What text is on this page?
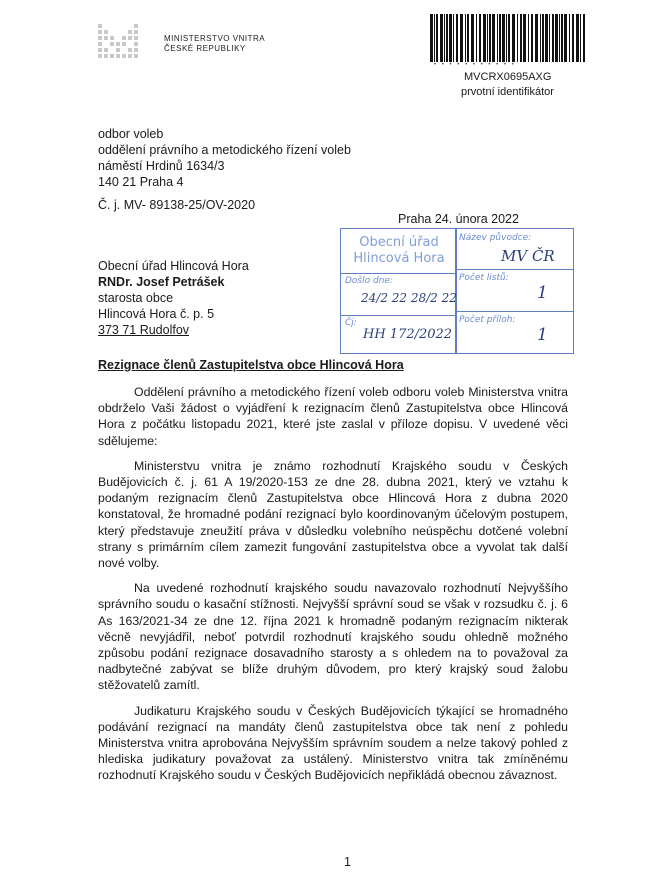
MINISTERSTVO VNITRA
ČESKÉ REPUBLIKY
• • • • • • • • • • •
MVCRX0695AXG
prvotní identifikátor
odbor voleb
oddělení právního a metodického řízení voleb
náměstí Hrdinů 1634/3
140 21 Praha 4
Č. j. MV- 89138-25/OV-2020
Praha 24. února 2022
Obecní úřad Hlincová Hora
RNDr. Josef Petrášek
starosta obce
Hlincová Hora č. p. 5
373 71 Rudolfov
Obecní úřad
Hlincová Hora
Došlo dne:
24/2 22 28/2 22
Čj:
HH 172/2022
Název původce:
MV ČR
Počet listů:
1
Počet příloh:
1
Rezignace členů Zastupitelstva obce Hlincová Hora

Oddělení právního a metodického řízení voleb odboru voleb Ministerstva vnitra obdrželo Vaši žádost o vyjádření k rezignacím členů Zastupitelstva obce Hlincová Hora z počátku listopadu 2021, které jste zaslal v příloze dopisu. V uvedené věci sdělujeme:

Ministerstvu vnitra je známo rozhodnutí Krajského soudu v Českých Budějovicích č. j. 61 A 19/2020-153 ze dne 28. dubna 2021, který ve vztahu k podaným rezignacím členů Zastupitelstva obce Hlincová Hora z dubna 2020 konstatoval, že hromadné podání rezignací bylo koordinovaným účelovým postupem, který představuje zneužití práva v důsledku volebního neúspěchu dotčené volební strany s primárním cílem zamezit fungování zastupitelstva obce a vyvolat tak další nové volby.

Na uvedené rozhodnutí krajského soudu navazovalo rozhodnutí Nejvyššího správního soudu o kasační stížnosti. Nejvyšší správní soud se však v rozsudku č. j. 6 As 163/2021-34 ze dne 12. října 2021 k hromadně podaným rezignacím nikterak věcně nevyjádřil, neboť potvrdil rozhodnutí krajského soudu ohledně možného způsobu podání rezignace dosavadního starosty a s ohledem na to považoval za nadbytečné zabývat se blíže druhým důvodem, pro který krajský soud žalobu stěžovatelů zamítl.

Judikaturu Krajského soudu v Českých Budějovicích týkající se hromadného podávání rezignací na mandáty členů zastupitelstva obce tak není z pohledu Ministerstva vnitra aprobována Nejvyšším správním soudem a nelze takový pohled z hlediska judikatury považovat za ustálený. Ministerstvo vnitra tak zmíněnému rozhodnutí Krajského soudu v Českých Budějovicích nepřikládá obecnou závaznost.

1
